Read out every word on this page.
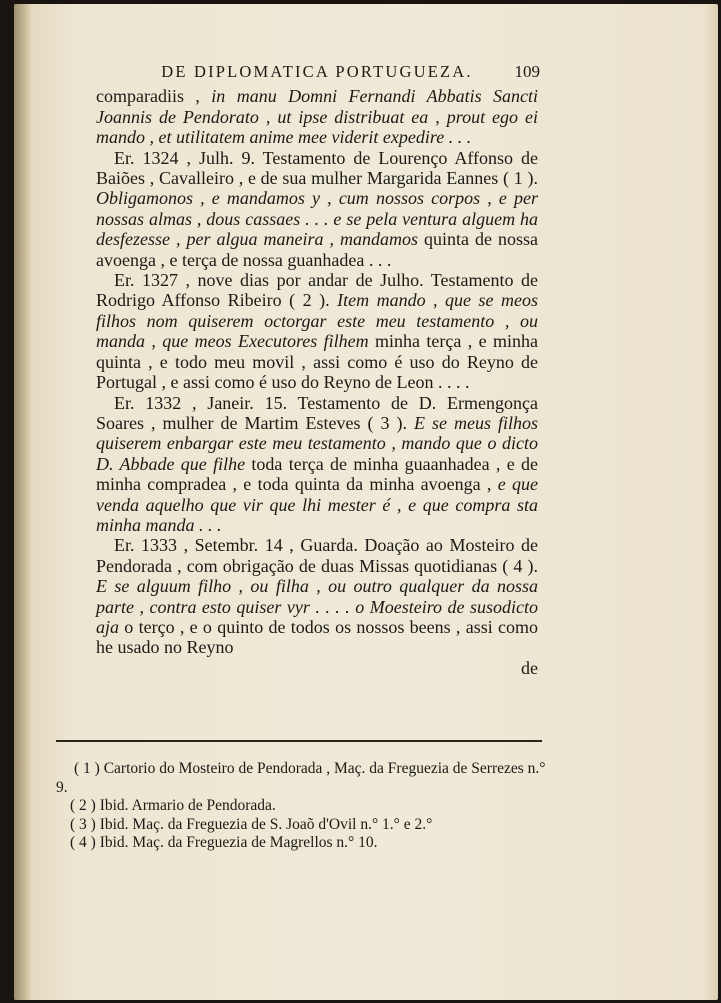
DE DIPLOMATICA PORTUGUEZA. 109

comparadiis , in manu Domni Fernandi Abbatis Sancti Joannis de Pendorato , ut ipse distribuat ea , prout ego ei mando , et utilitatem anime mee viderit expedire . . .

Er. 1324 , Julh. 9. Testamento de Lourenço Affonso de Baiões , Cavalleiro , e de sua mulher Margarida Eannes ( 1 ). Obligamonos , e mandamos y , cum nossos corpos , e per nossas almas , dous cassaes . . . e se pela ventura alguem ha desfezesse , per algua maneira , mandamos quinta de nossa avoenga , e terça de nossa guanhadea . . .

Er. 1327 , nove dias por andar de Julho. Testamento de Rodrigo Affonso Ribeiro ( 2 ). Item mando , que se meos filhos nom quiserem octorgar este meu testamento , ou manda , que meos Executores filhem minha terça , e minha quinta , e todo meu movil , assi como é uso do Reyno de Portugal , e assi como é uso do Reyno de Leon . . . .

Er. 1332 , Janeir. 15. Testamento de D. Ermengonça Soares , mulher de Martim Esteves ( 3 ). E se meus filhos quiserem enbargar este meu testamento , mando que o dicto D. Abbade que filhe toda terça de minha guaanhadea , e de minha compradea , e toda quinta da minha avoenga , e que venda aquelho que vir que lhi mester é , e que compra sta minha manda . . .

Er. 1333 , Setembr. 14 , Guarda. Doação ao Mosteiro de Pendorada , com obrigação de duas Missas quotidianas ( 4 ). E se alguum filho , ou filha , ou outro qualquer da nossa parte , contra esto quiser vyr . . . . o Moesteiro de susodicto aja o terço , e o quinto de todos os nossos beens , assi como he usado no Reyno

de

( 1 ) Cartorio do Mosteiro de Pendorada , Maç. da Freguezia de Serrezes n.° 9.

( 2 ) Ibid. Armario de Pendorada.

( 3 ) Ibid. Maç. da Freguezia de S. Joaõ d'Ovil n.° 1.° e 2.°

( 4 ) Ibid. Maç. da Freguezia de Magrellos n.° 10.
